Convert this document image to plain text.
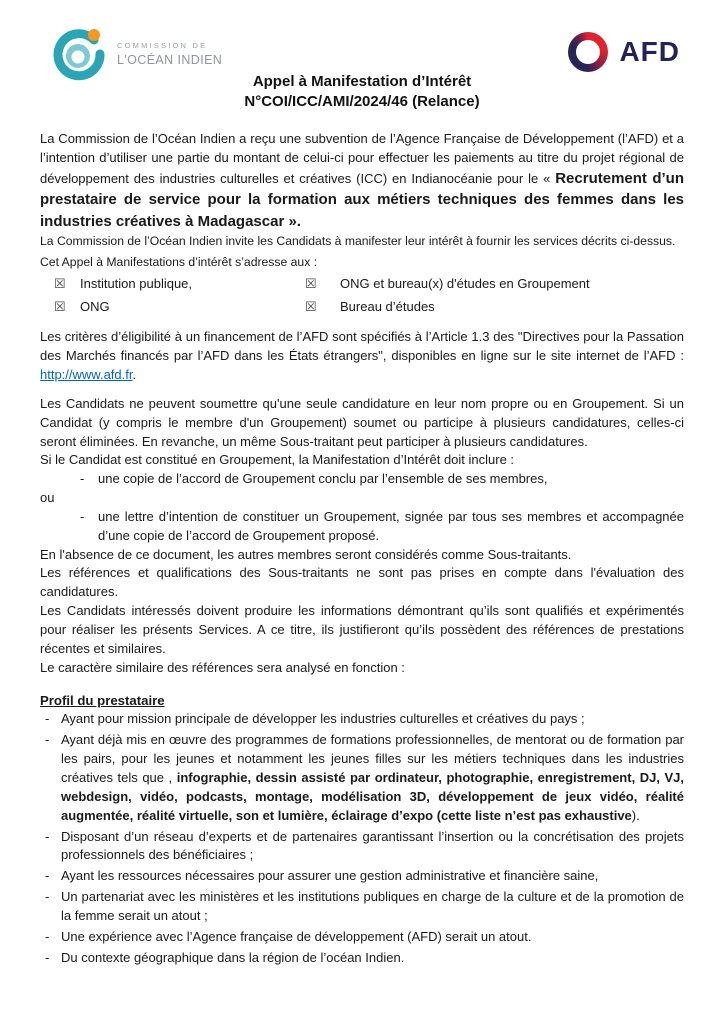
COMMISSION DE
L'OCÉAN INDIEN	AFD
Appel à Manifestation d’Intérêt
N°COI/ICC/AMI/2024/46 (Relance)

La Commission de l’Océan Indien a reçu une subvention de l’Agence Française de Développement (l’AFD) et a l’intention d’utiliser une partie du montant de celui-ci pour effectuer les paiements au titre du projet régional de développement des industries culturelles et créatives (ICC) en Indianocéanie pour le « Recrutement d’un prestataire de service pour la formation aux métiers techniques des femmes dans les industries créatives à Madagascar ».

La Commission de l’Océan Indien invite les Candidats à manifester leur intérêt à fournir les services décrits ci-dessus.

Cet Appel à Manifestations d’intérêt s’adresse aux :
☒	Institution publique,	☒	ONG et bureau(x) d'études en Groupement
☒	ONG	☒	Bureau d’études

Les critères d’éligibilité à un financement de l’AFD sont spécifiés à l’Article 1.3 des "Directives pour la Passation des Marchés financés par l’AFD dans les États étrangers", disponibles en ligne sur le site internet de l’AFD : http://www.afd.fr.

Les Candidats ne peuvent soumettre qu'une seule candidature en leur nom propre ou en Groupement. Si un Candidat (y compris le membre d'un Groupement) soumet ou participe à plusieurs candidatures, celles-ci seront éliminées. En revanche, un même Sous-traitant peut participer à plusieurs candidatures.

Si le Candidat est constitué en Groupement, la Manifestation d’Intérêt doit inclure :

-	une copie de l’accord de Groupement conclu par l’ensemble de ses membres,

ou

-	une lettre d’intention de constituer un Groupement, signée par tous ses membres et accompagnée d’une copie de l’accord de Groupement proposé.

En l'absence de ce document, les autres membres seront considérés comme Sous-traitants.

Les références et qualifications des Sous-traitants ne sont pas prises en compte dans l'évaluation des candidatures.

Les Candidats intéressés doivent produire les informations démontrant qu’ils sont qualifiés et expérimentés pour réaliser les présents Services. A ce titre, ils justifieront qu’ils possèdent des références de prestations récentes et similaires.

Le caractère similaire des références sera analysé en fonction :

Profil du prestataire
- Ayant pour mission principale de développer les industries culturelles et créatives du pays ;
- Ayant déjà mis en œuvre des programmes de formations professionnelles, de mentorat ou de formation par les pairs, pour les jeunes et notamment les jeunes filles sur les métiers techniques dans les industries créatives tels que , infographie, dessin assisté par ordinateur, photographie, enregistrement, DJ, VJ, webdesign, vidéo, podcasts, montage, modélisation 3D, développement de jeux vidéo, réalité augmentée, réalité virtuelle, son et lumière, éclairage d’expo (cette liste n’est pas exhaustive).
- Disposant d’un réseau d’experts et de partenaires garantissant l’insertion ou la concrétisation des projets professionnels des bénéficiaires ;
- Ayant les ressources nécessaires pour assurer une gestion administrative et financière saine,
- Un partenariat avec les ministères et les institutions publiques en charge de la culture et de la promotion de la femme serait un atout ;
- Une expérience avec l’Agence française de développement (AFD) serait un atout.
- Du contexte géographique dans la région de l’océan Indien.
